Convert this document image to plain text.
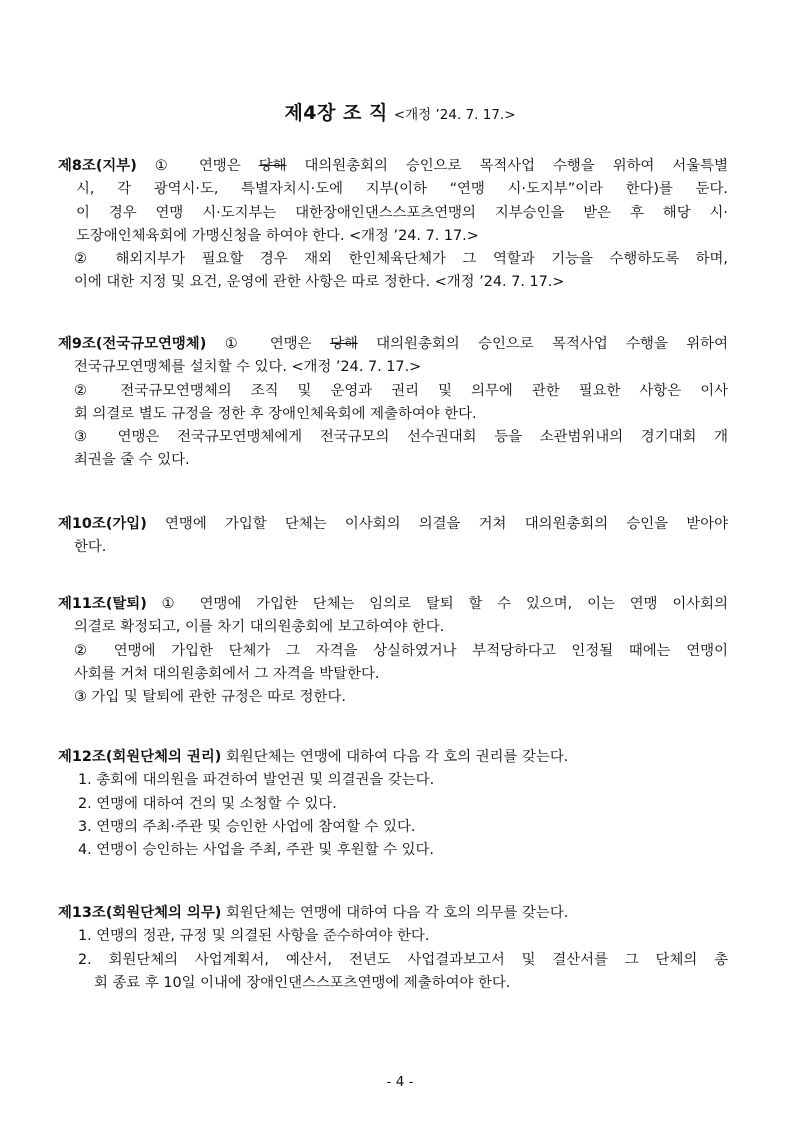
제4장 조 직 <개정 ’24. 7. 17.>
제8조(지부) ① 연맹은 당해 대의원총회의 승인으로 목적사업 수행을 위하여 서울특별
시, 각 광역시·도, 특별자치시·도에 지부(이하 “연맹 시·도지부”이라 한다)를 둔다.
이 경우 연맹 시·도지부는 대한장애인댄스스포츠연맹의 지부승인을 받은 후 해당 시·
도장애인체육회에 가맹신청을 하여야 한다. <개정 ’24. 7. 17.>
② 해외지부가 필요할 경우 재외 한인체육단체가 그 역할과 기능을 수행하도록 하며,
이에 대한 지정 및 요건, 운영에 관한 사항은 따로 정한다. <개정 ’24. 7. 17.>
제9조(전국규모연맹체) ① 연맹은 당해 대의원총회의 승인으로 목적사업 수행을 위하여
전국규모연맹체를 설치할 수 있다. <개정 ’24. 7. 17.>
② 전국규모연맹체의 조직 및 운영과 권리 및 의무에 관한 필요한 사항은 이사
회 의결로 별도 규정을 정한 후 장애인체육회에 제출하여야 한다.
③ 연맹은 전국규모연맹체에게 전국규모의 선수권대회 등을 소관범위내의 경기대회 개
최권을 줄 수 있다.
제10조(가입) 연맹에 가입할 단체는 이사회의 의결을 거쳐 대의원총회의 승인을 받아야
한다.
제11조(탈퇴) ① 연맹에 가입한 단체는 임의로 탈퇴 할 수 있으며, 이는 연맹 이사회의
의결로 확정되고, 이를 차기 대의원총회에 보고하여야 한다.
② 연맹에 가입한 단체가 그 자격을 상실하였거나 부적당하다고 인정될 때에는 연맹이
사회를 거쳐 대의원총회에서 그 자격을 박탈한다.
③ 가입 및 탈퇴에 관한 규정은 따로 정한다.
제12조(회원단체의 권리) 회원단체는 연맹에 대하여 다음 각 호의 권리를 갖는다.
1. 총회에 대의원을 파견하여 발언권 및 의결권을 갖는다.
2. 연맹에 대하여 건의 및 소청할 수 있다.
3. 연맹의 주최·주관 및 승인한 사업에 참여할 수 있다.
4. 연맹이 승인하는 사업을 주최, 주관 및 후원할 수 있다.
제13조(회원단체의 의무) 회원단체는 연맹에 대하여 다음 각 호의 의무를 갖는다.
1. 연맹의 정관, 규정 및 의결된 사항을 준수하여야 한다.
2. 회원단체의 사업계획서, 예산서, 전년도 사업결과보고서 및 결산서를 그 단체의 총
회 종료 후 10일 이내에 장애인댄스스포츠연맹에 제출하여야 한다.
- 4 -
